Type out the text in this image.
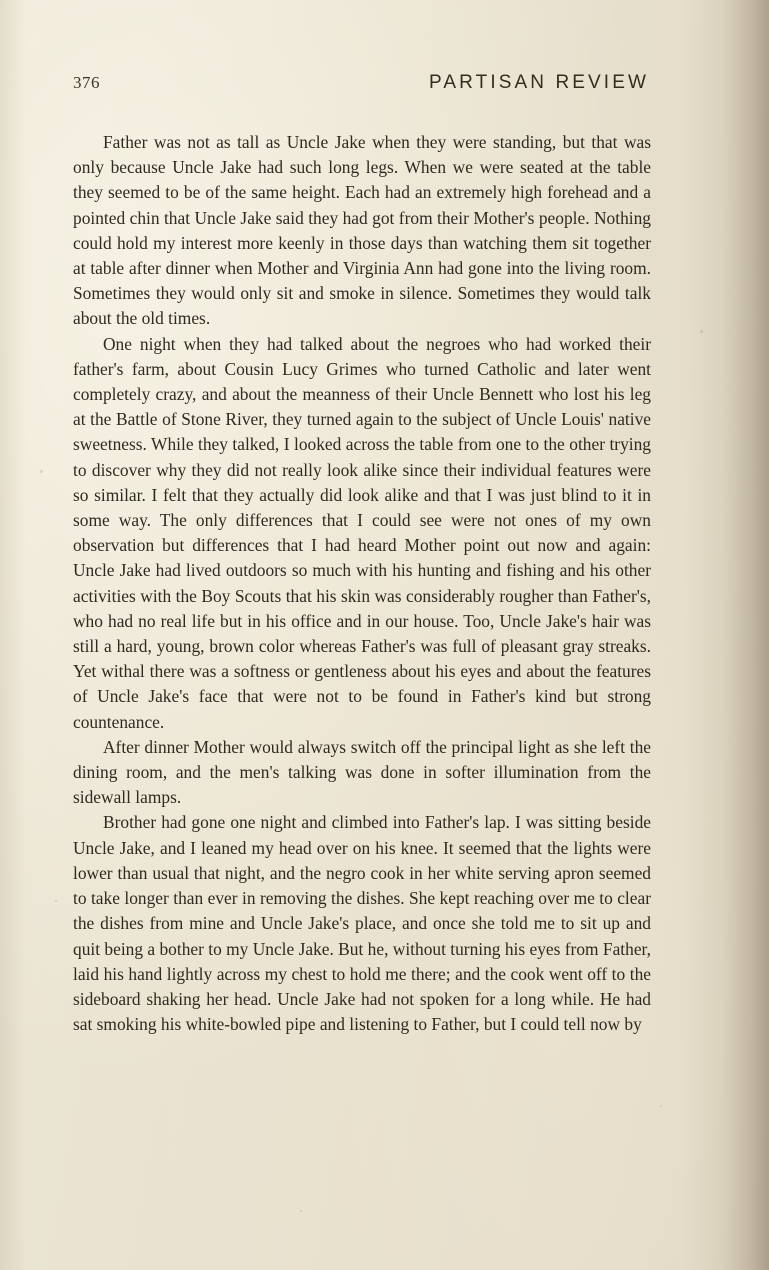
376	PARTISAN REVIEW

Father was not as tall as Uncle Jake when they were standing, but that was only because Uncle Jake had such long legs. When we were seated at the table they seemed to be of the same height. Each had an extremely high forehead and a pointed chin that Uncle Jake said they had got from their Mother's people. Nothing could hold my interest more keenly in those days than watching them sit together at table after dinner when Mother and Virginia Ann had gone into the living room. Sometimes they would only sit and smoke in silence. Sometimes they would talk about the old times.

One night when they had talked about the negroes who had worked their father's farm, about Cousin Lucy Grimes who turned Catholic and later went completely crazy, and about the meanness of their Uncle Bennett who lost his leg at the Battle of Stone River, they turned again to the subject of Uncle Louis' native sweetness. While they talked, I looked across the table from one to the other trying to discover why they did not really look alike since their individual features were so similar. I felt that they actually did look alike and that I was just blind to it in some way. The only differences that I could see were not ones of my own observation but differences that I had heard Mother point out now and again: Uncle Jake had lived outdoors so much with his hunting and fishing and his other activities with the Boy Scouts that his skin was considerably rougher than Father's, who had no real life but in his office and in our house. Too, Uncle Jake's hair was still a hard, young, brown color whereas Father's was full of pleasant gray streaks. Yet withal there was a softness or gentleness about his eyes and about the features of Uncle Jake's face that were not to be found in Father's kind but strong countenance.

After dinner Mother would always switch off the principal light as she left the dining room, and the men's talking was done in softer illumination from the sidewall lamps.

Brother had gone one night and climbed into Father's lap. I was sitting beside Uncle Jake, and I leaned my head over on his knee. It seemed that the lights were lower than usual that night, and the negro cook in her white serving apron seemed to take longer than ever in removing the dishes. She kept reaching over me to clear the dishes from mine and Uncle Jake's place, and once she told me to sit up and quit being a bother to my Uncle Jake. But he, without turning his eyes from Father, laid his hand lightly across my chest to hold me there; and the cook went off to the sideboard shaking her head. Uncle Jake had not spoken for a long while. He had sat smoking his white-bowled pipe and listening to Father, but I could tell now by
